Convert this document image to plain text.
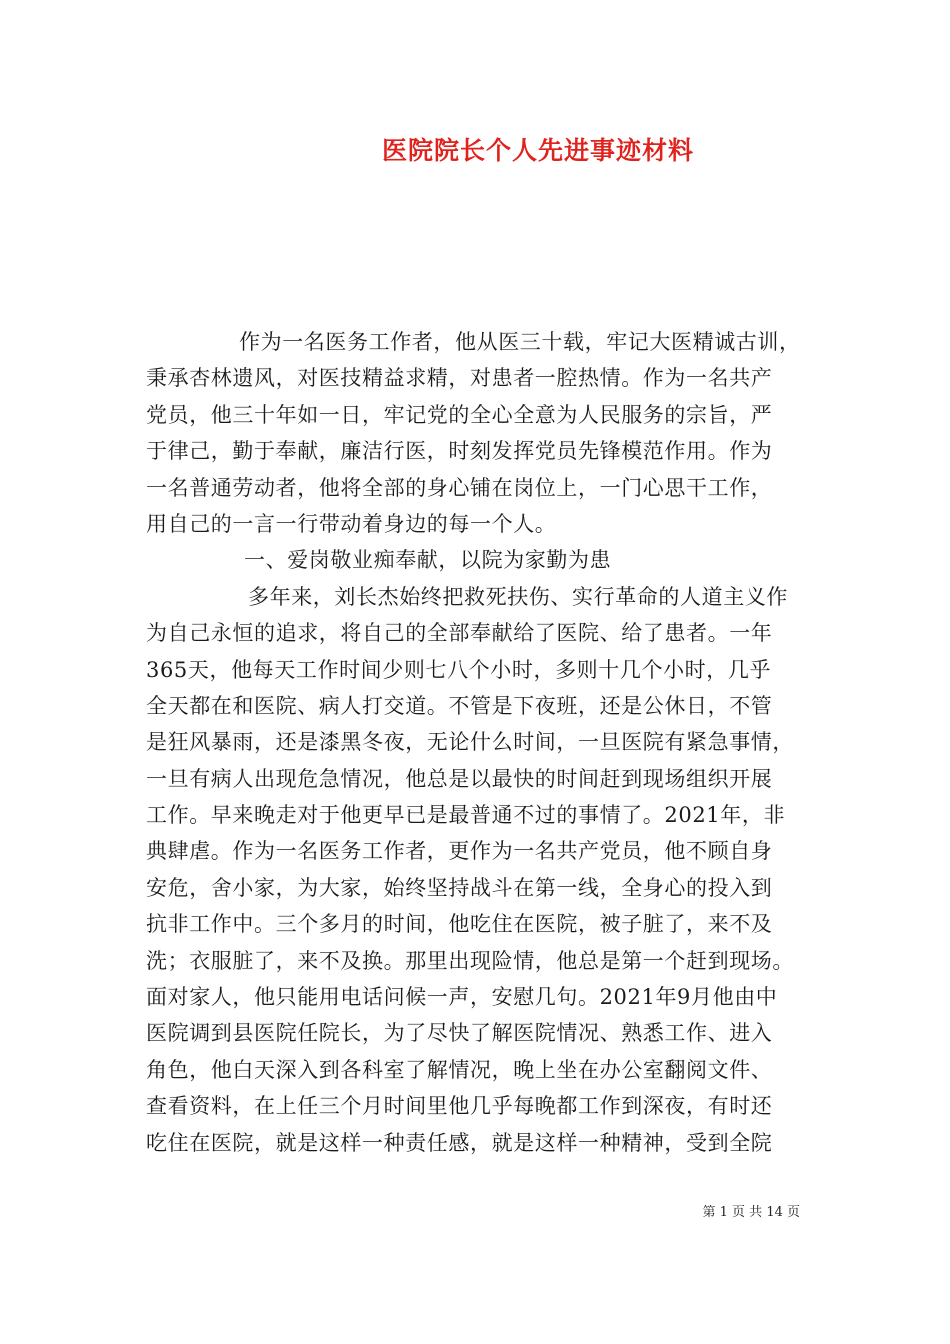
医院院长个人先进事迹材料
作为一名医务工作者，他从医三十载，牢记大医精诚古训，
秉承杏林遗风，对医技精益求精，对患者一腔热情。作为一名共产
党员，他三十年如一日，牢记党的全心全意为人民服务的宗旨，严
于律己，勤于奉献，廉洁行医，时刻发挥党员先锋模范作用。作为
一名普通劳动者，他将全部的身心铺在岗位上，一门心思干工作，
用自己的一言一行带动着身边的每一个人。
一、爱岗敬业痴奉献，以院为家勤为患
多年来，刘长杰始终把救死扶伤、实行革命的人道主义作
为自己永恒的追求，将自己的全部奉献给了医院、给了患者。一年
365天，他每天工作时间少则七八个小时，多则十几个小时，几乎
全天都在和医院、病人打交道。不管是下夜班，还是公休日，不管
是狂风暴雨，还是漆黑冬夜，无论什么时间，一旦医院有紧急事情，
一旦有病人出现危急情况，他总是以最快的时间赶到现场组织开展
工作。早来晚走对于他更早已是最普通不过的事情了。2021年，非
典肆虐。作为一名医务工作者，更作为一名共产党员，他不顾自身
安危，舍小家，为大家，始终坚持战斗在第一线，全身心的投入到
抗非工作中。三个多月的时间，他吃住在医院，被子脏了，来不及
洗；衣服脏了，来不及换。那里出现险情，他总是第一个赶到现场。
面对家人，他只能用电话问候一声，安慰几句。2021年9月他由中
医院调到县医院任院长，为了尽快了解医院情况、熟悉工作、进入
角色，他白天深入到各科室了解情况，晚上坐在办公室翻阅文件、
查看资料，在上任三个月时间里他几乎每晚都工作到深夜，有时还
吃住在医院，就是这样一种责任感，就是这样一种精神，受到全院
第 1 页 共 14 页
